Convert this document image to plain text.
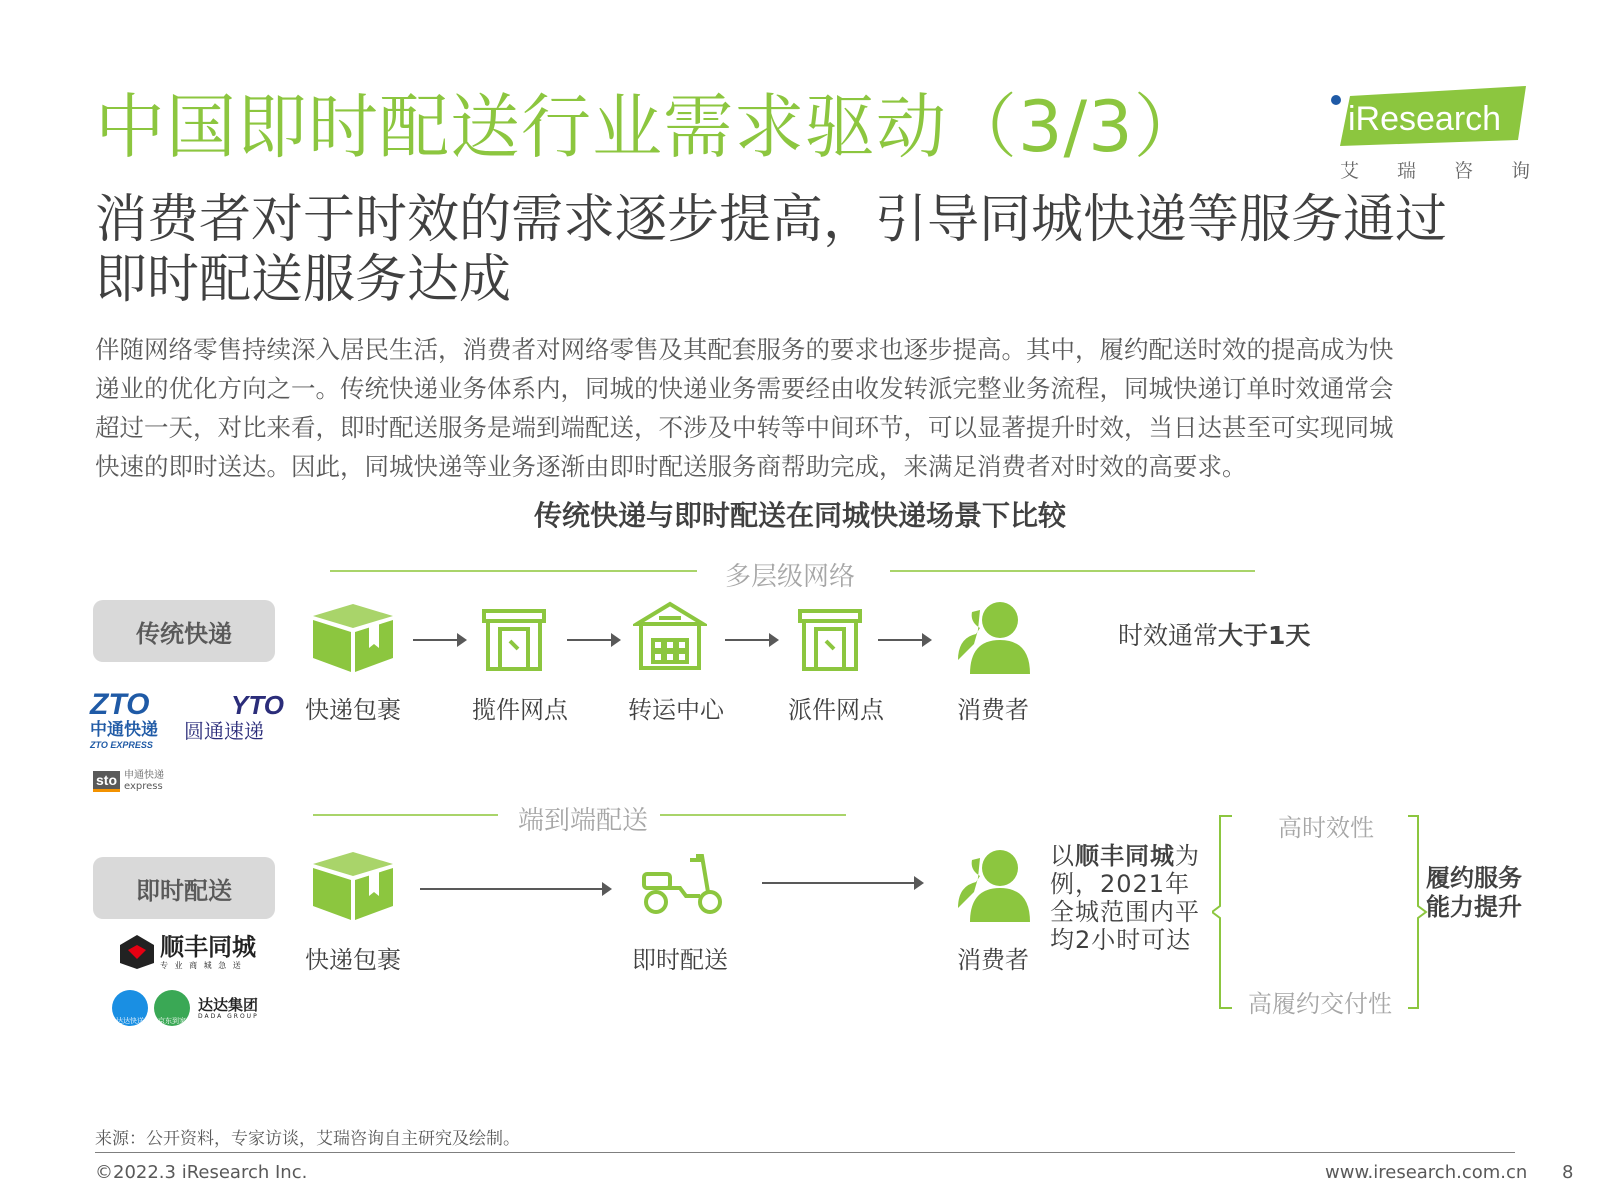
中国即时配送行业需求驱动（3/3）	iResearch
艾 瑞 咨 询
消费者对于时效的需求逐步提高，引导同城快递等服务通过
即时配送服务达成
伴随网络零售持续深入居民生活，消费者对网络零售及其配套服务的要求也逐步提高。其中，履约配送时效的提高成为快
递业的优化方向之一。传统快递业务体系内，同城的快递业务需要经由收发转派完整业务流程，同城快递订单时效通常会
超过一天，对比来看，即时配送服务是端到端配送，不涉及中转等中间环节，可以显著提升时效，当日达甚至可实现同城
快速的即时送达。因此，同城快递等业务逐渐由即时配送服务商帮助完成，来满足消费者对时效的高要求。
传统快递与即时配送在同城快递场景下比较
多层级网络
传统快递
快递包裹	揽件网点	转运中心	派件网点	消费者
时效通常大于1天
ZTO
中通快递
ZTO EXPRESS
YTO
圆通速递
sto 申通快递
express
端到端配送
即时配送
快递包裹	即时配送	消费者
以顺丰同城为例，2021年全城范围内平均2小时可达
顺丰同城
专 业 商 城 急 送
达达快送 京东到家
达达集团
DADA GROUP
高时效性
高履约交付性
履约服务能力提升
来源：公开资料，专家访谈，艾瑞咨询自主研究及绘制。
©2022.3 iResearch Inc.	www.iresearch.com.cn 8
